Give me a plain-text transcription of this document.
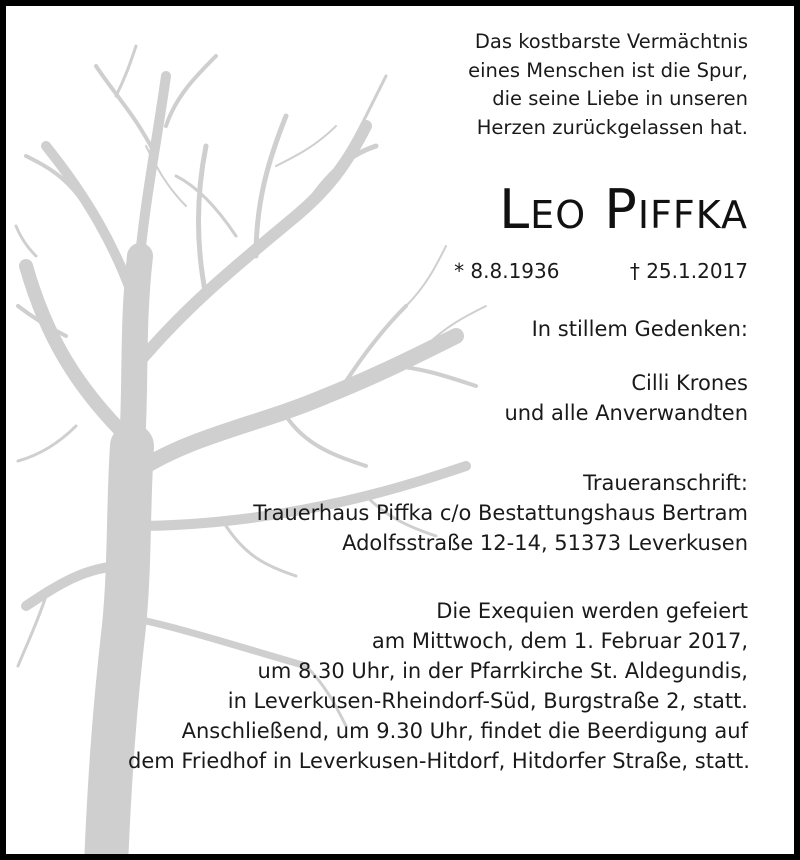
Das kostbarste Vermächtnis
eines Menschen ist die Spur,
die seine Liebe in unseren
Herzen zurückgelassen hat.
Leo Piffka
* 8.8.1936	† 25.1.2017
In stillem Gedenken:
Cilli Krones
und alle Anverwandten
Traueranschrift:
Trauerhaus Piffka c/o Bestattungshaus Bertram
Adolfsstraße 12-14, 51373 Leverkusen
Die Exequien werden gefeiert
am Mittwoch, dem 1. Februar 2017,
um 8.30 Uhr, in der Pfarrkirche St. Aldegundis,
in Leverkusen-Rheindorf-Süd, Burgstraße 2, statt.
Anschließend, um 9.30 Uhr, findet die Beerdigung auf
dem Friedhof in Leverkusen-Hitdorf, Hitdorfer Straße, statt.
